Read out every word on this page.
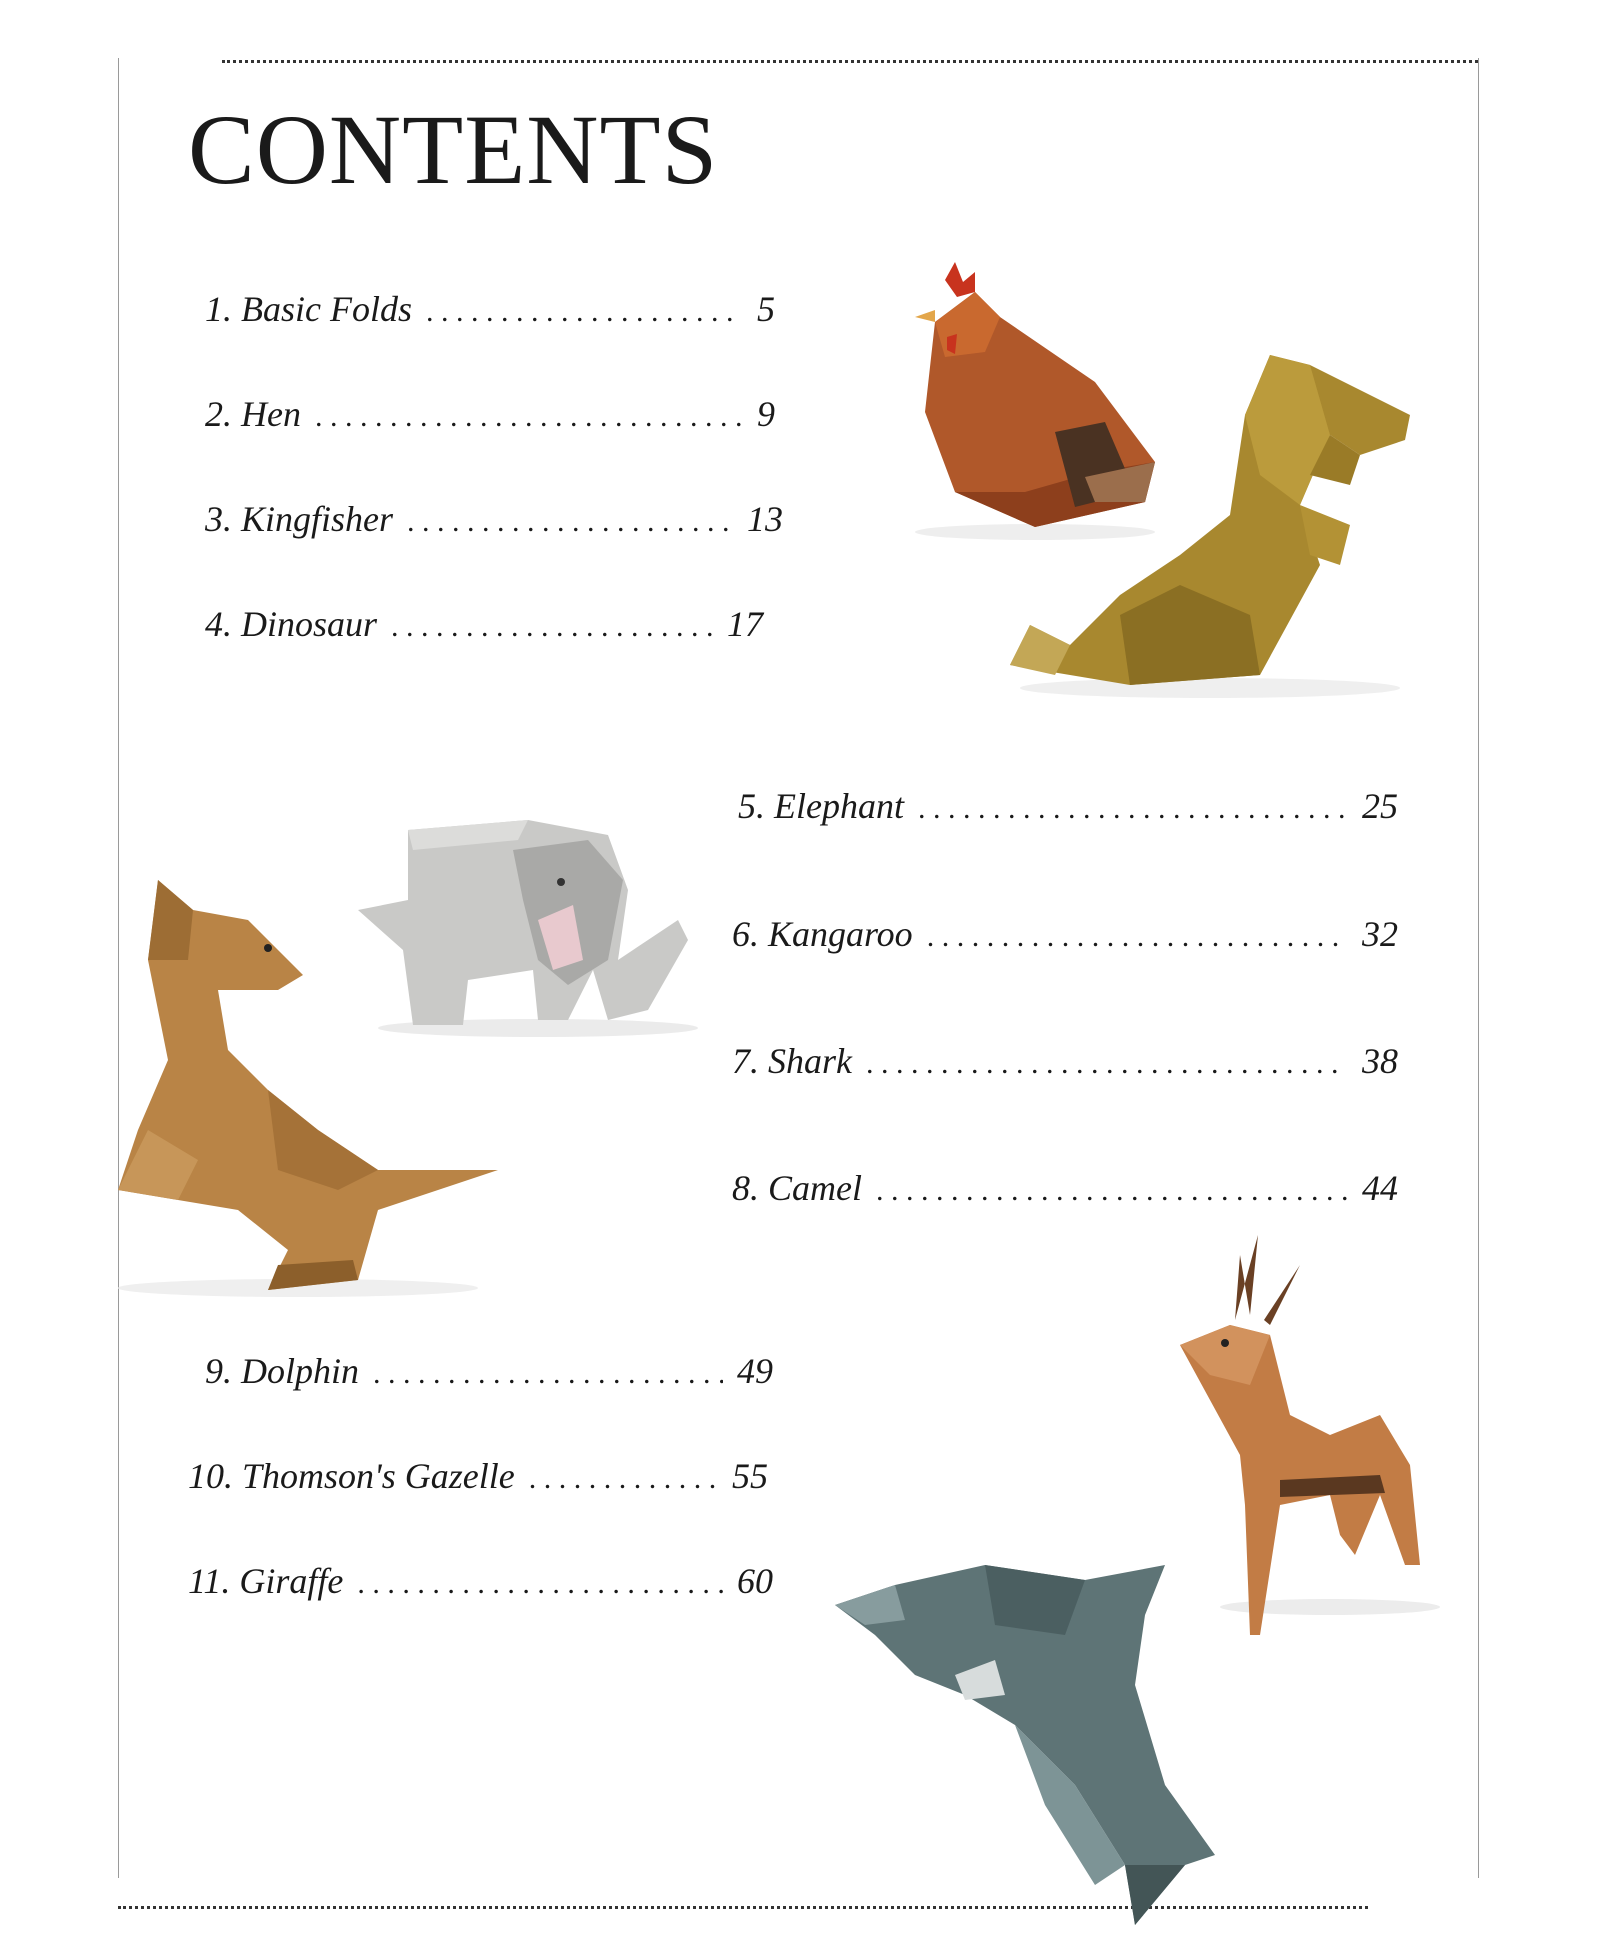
CONTENTS
1. Basic Folds . . .	5
2. Hen . . .	9
3. Kingfisher . . .	13
4. Dinosaur . . .	17
5. Elephant . . .	25
6. Kangaroo . . .	32
7. Shark . . .	38
8. Camel . . .	44
9. Dolphin . . .	49
10. Thomson's Gazelle . . .	55
11. Giraffe . . .	60
